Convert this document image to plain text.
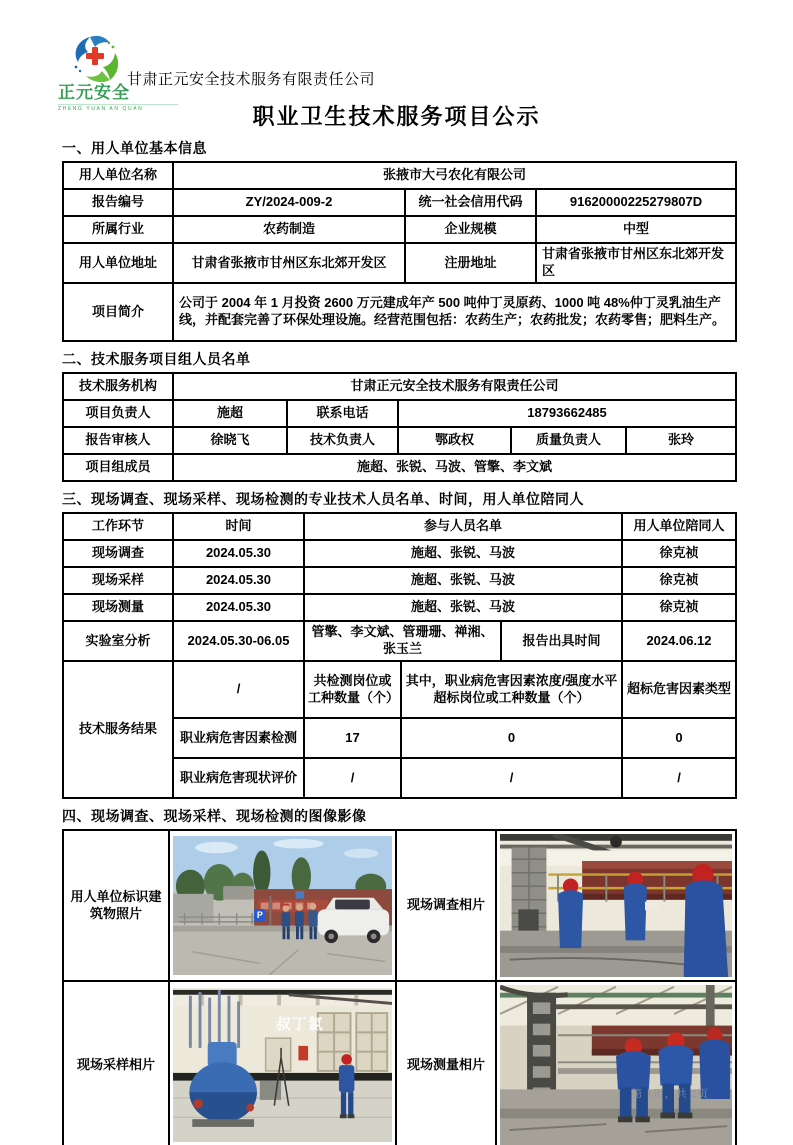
正元安全
ZHENG YUAN AN QUAN
甘肃正元安全技术服务有限责任公司
职业卫生技术服务项目公示
一、用人单位基本信息
用人单位名称	张掖市大弓农化有限公司		
报告编号	ZY/2024-009-2	统一社会信用代码	91620000225279807D
所属行业	农药制造	企业规模	中型
用人单位地址	甘肃省张掖市甘州区东北郊开发区	注册地址	甘肃省张掖市甘州区东北郊开发区
项目简介	公司于 2004 年 1 月投资 2600 万元建成年产 500 吨仲丁灵原药、1000 吨 48%仲丁灵乳油生产线，并配套完善了环保处理设施。经营范围包括：农药生产；农药批发；农药零售；肥料生产。		
二、技术服务项目组人员名单
技术服务机构	甘肃正元安全技术服务有限责任公司				
项目负责人	施超	联系电话	18793662485		
报告审核人	徐晓飞	技术负责人	鄂政权	质量负责人	张玲
项目组成员	施超、张锐、马波、管擎、李文斌				
三、现场调查、现场采样、现场检测的专业技术人员名单、时间，用人单位陪同人
工作环节	时间	参与人员名单			用人单位陪同人
现场调查	2024.05.30	施超、张锐、马波			徐克祯
现场采样	2024.05.30	施超、张锐、马波			徐克祯
现场测量	2024.05.30	施超、张锐、马波			徐克祯
实验室分析	2024.05.30-06.05	管擎、李文斌、管珊珊、禅湘、张玉兰		报告出具时间	2024.06.12
技术服务结果	/	共检测岗位或工种数量（个）	其中，职业病危害因素浓度/强度水平超标岗位或工种数量（个）		超标危害因素类型
	职业病危害因素检测	17	0		0
	职业病危害现状评价	/	/		/
四、现场调查、现场采样、现场检测的图像影像
用人单位标识建筑物照片	P	现场调查相片	

现场采样相片	叔丁氯	现场测量相片	
第 1页，共 2页
